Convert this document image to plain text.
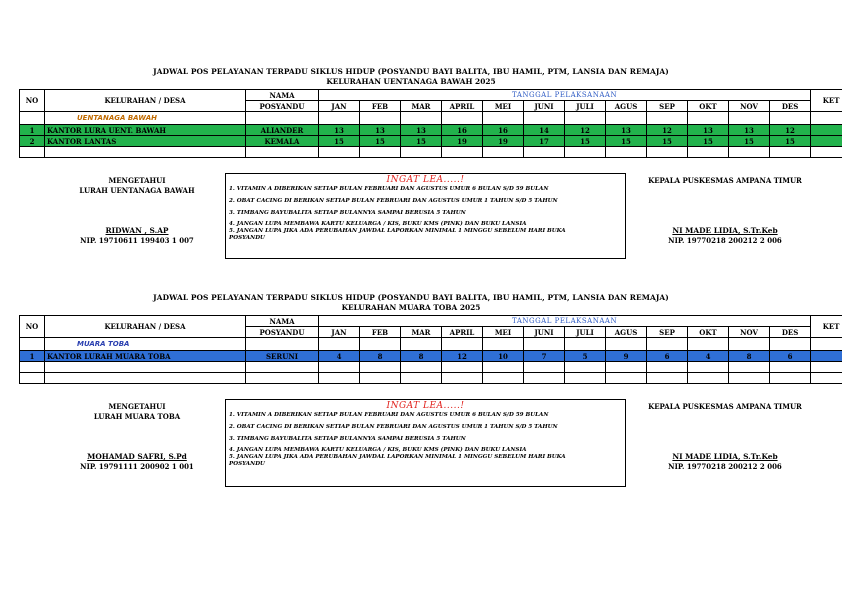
JADWAL POS PELAYANAN TERPADU SIKLUS HIDUP (POSYANDU BAYI BALITA, IBU HAMIL, PTM, LANSIA DAN REMAJA)
KELURAHAN UENTANAGA BAWAH 2025
NO	KELURAHAN / DESA	NAMA	TANGGAL PELAKSANAAN												KET
		POSYANDU	JAN	FEB	MAR	APRIL	MEI	JUNI	JULI	AGUS	SEP	OKT	NOV	DES	
	UENTANAGA BAWAH														
1	KANTOR LURA UENT. BAWAH	ALIANDER	13	13	13	16	16	14	12	13	12	13	13	12	
2	KANTOR LANTAS	KEMALA	15	15	15	19	19	17	15	15	15	15	15	15	

MENGETAHUI
LURAH UENTANAGA BAWAH
RIDWAN , S.AP
NIP. 19710611 199403 1 007
INGAT LEA.....!
1. VITAMIN A DIBERIKAN SETIAP BULAN FEBRUARI DAN AGUSTUS UMUR 6 BULAN S/D 59 BULAN
2. OBAT CACING DI BERIKAN SETIAP BULAN FEBRUARI DAN AGUSTUS UMUR 1 TAHUN S/D 5 TAHUN
3. TIMBANG BAYUBALITA SETIAP BULANNYA SAMPAI BERUSIA 5 TAHUN
4. JANGAN LUPA MEMBAWA KARTU KELUARGA / KIS, BUKU KMS (PINK) DAN BUKU LANSIA
5. JANGAN LUPA JIKA ADA PERUBAHAN JAWDAL LAPORKAN MINIMAL 1 MINGGU SEBELUM HARI BUKA
POSYANDU
KEPALA PUSKESMAS AMPANA TIMUR
NI MADE LIDIA, S.Tr.Keb
NIP. 19770218 200212 2 006
JADWAL POS PELAYANAN TERPADU SIKLUS HIDUP (POSYANDU BAYI BALITA, IBU HAMIL, PTM, LANSIA DAN REMAJA)
KELURAHAN MUARA TOBA 2025
NO	KELURAHAN / DESA	NAMA	TANGGAL PELAKSANAAN												KET
		POSYANDU	JAN	FEB	MAR	APRIL	MEI	JUNI	JULI	AGUS	SEP	OKT	NOV	DES	
	MUARA TOBA														
1	KANTOR LURAH MUARA TOBA	SERUNI	4	8	8	12	10	7	5	9	6	4	8	6	

MENGETAHUI
LURAH MUARA TOBA
MOHAMAD SAFRI, S.Pd
NIP. 19791111 200902 1 001
INGAT LEA.....!
1. VITAMIN A DIBERIKAN SETIAP BULAN FEBRUARI DAN AGUSTUS UMUR 6 BULAN S/D 59 BULAN
2. OBAT CACING DI BERIKAN SETIAP BULAN FEBRUARI DAN AGUSTUS UMUR 1 TAHUN S/D 5 TAHUN
3. TIMBANG BAYUBALITA SETIAP BULANNYA SAMPAI BERUSIA 5 TAHUN
4. JANGAN LUPA MEMBAWA KARTU KELUARGA / KIS, BUKU KMS (PINK) DAN BUKU LANSIA
5. JANGAN LUPA JIKA ADA PERUBAHAN JAWDAL LAPORKAN MINIMAL 1 MINGGU SEBELUM HARI BUKA
POSYANDU
KEPALA PUSKESMAS AMPANA TIMUR
NI MADE LIDIA, S.Tr.Keb
NIP. 19770218 200212 2 006
